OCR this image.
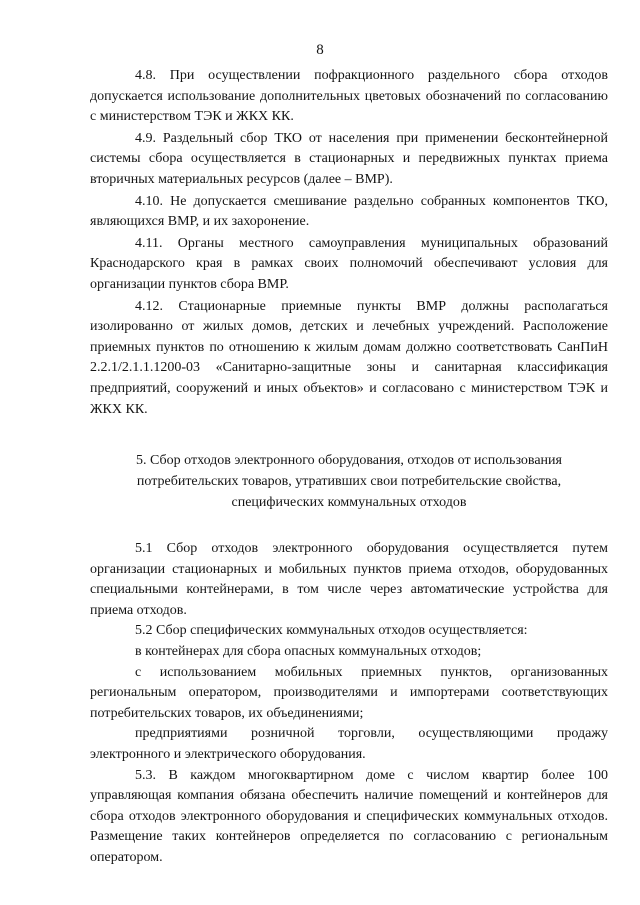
8

4.8. При осуществлении пофракционного раздельного сбора отходов допускается использование дополнительных цветовых обозначений по согласованию с министерством ТЭК и ЖКХ КК.

4.9. Раздельный сбор ТКО от населения при применении бесконтейнерной системы сбора осуществляется в стационарных и передвижных пунктах приема вторичных материальных ресурсов (далее – ВМР).

4.10. Не допускается смешивание раздельно собранных компонентов ТКО, являющихся ВМР, и их захоронение.

4.11. Органы местного самоуправления муниципальных образований Краснодарского края в рамках своих полномочий обеспечивают условия для организации пунктов сбора ВМР.

4.12. Стационарные приемные пункты ВМР должны располагаться изолированно от жилых домов, детских и лечебных учреждений. Расположение приемных пунктов по отношению к жилым домам должно соответствовать СанПиН 2.2.1/2.1.1.1200-03 «Санитарно-защитные зоны и санитарная классификация предприятий, сооружений и иных объектов» и согласовано с министерством ТЭК и ЖКХ КК.

5. Сбор отходов электронного оборудования, отходов от использования потребительских товаров, утративших свои потребительские свойства, специфических коммунальных отходов

5.1 Сбор отходов электронного оборудования осуществляется путем организации стационарных и мобильных пунктов приема отходов, оборудованных специальными контейнерами, в том числе через автоматические устройства для приема отходов.

5.2 Сбор специфических коммунальных отходов осуществляется:

в контейнерах для сбора опасных коммунальных отходов;

с использованием мобильных приемных пунктов, организованных региональным оператором, производителями и импортерами соответствующих потребительских товаров, их объединениями;

предприятиями розничной торговли, осуществляющими продажу электронного и электрического оборудования.

5.3. В каждом многоквартирном доме с числом квартир более 100 управляющая компания обязана обеспечить наличие помещений и контейнеров для сбора отходов электронного оборудования и специфических коммунальных отходов. Размещение таких контейнеров определяется по согласованию с региональным оператором.
